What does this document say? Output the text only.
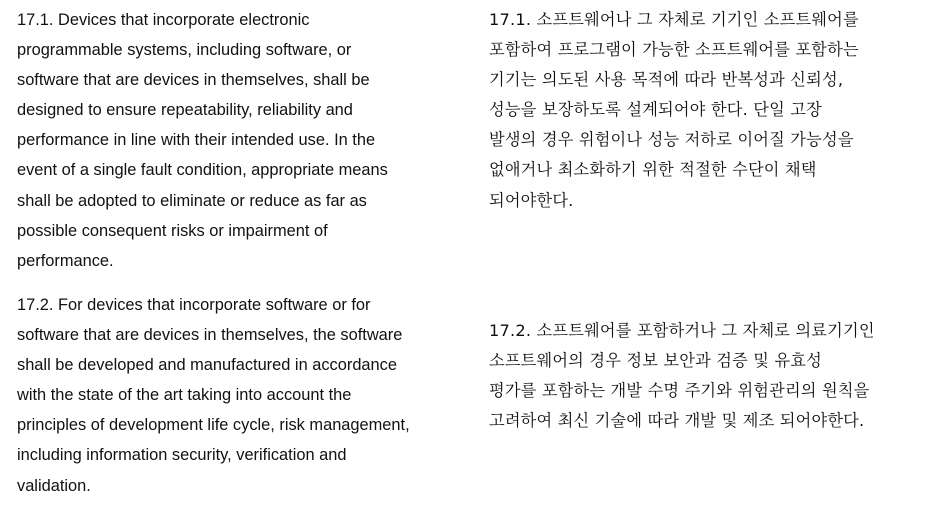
17.1. Devices that incorporate electronic
programmable systems, including software, or
software that are devices in themselves, shall be
designed to ensure repeatability, reliability and
performance in line with their intended use. In the
event of a single fault condition, appropriate means
shall be adopted to eliminate or reduce as far as
possible consequent risks or impairment of
performance.
17.2. For devices that incorporate software or for
software that are devices in themselves, the software
shall be developed and manufactured in accordance
with the state of the art taking into account the
principles of development life cycle, risk management,
including information security, verification and
validation.
17.1. 소프트웨어나 그 자체로 기기인 소프트웨어를
포함하여 프로그램이 가능한 소프트웨어를 포함하는
기기는 의도된 사용 목적에 따라 반복성과 신뢰성,
성능을 보장하도록 설계되어야 한다. 단일 고장
발생의 경우 위험이나 성능 저하로 이어질 가능성을
없애거나 최소화하기 위한 적절한 수단이 채택
되어야한다.
17.2. 소프트웨어를 포함하거나 그 자체로 의료기기인
소프트웨어의 경우 정보 보안과 검증 및 유효성
평가를 포함하는 개발 수명 주기와 위험관리의 원칙을
고려하여 최신 기술에 따라 개발 및 제조 되어야한다.
